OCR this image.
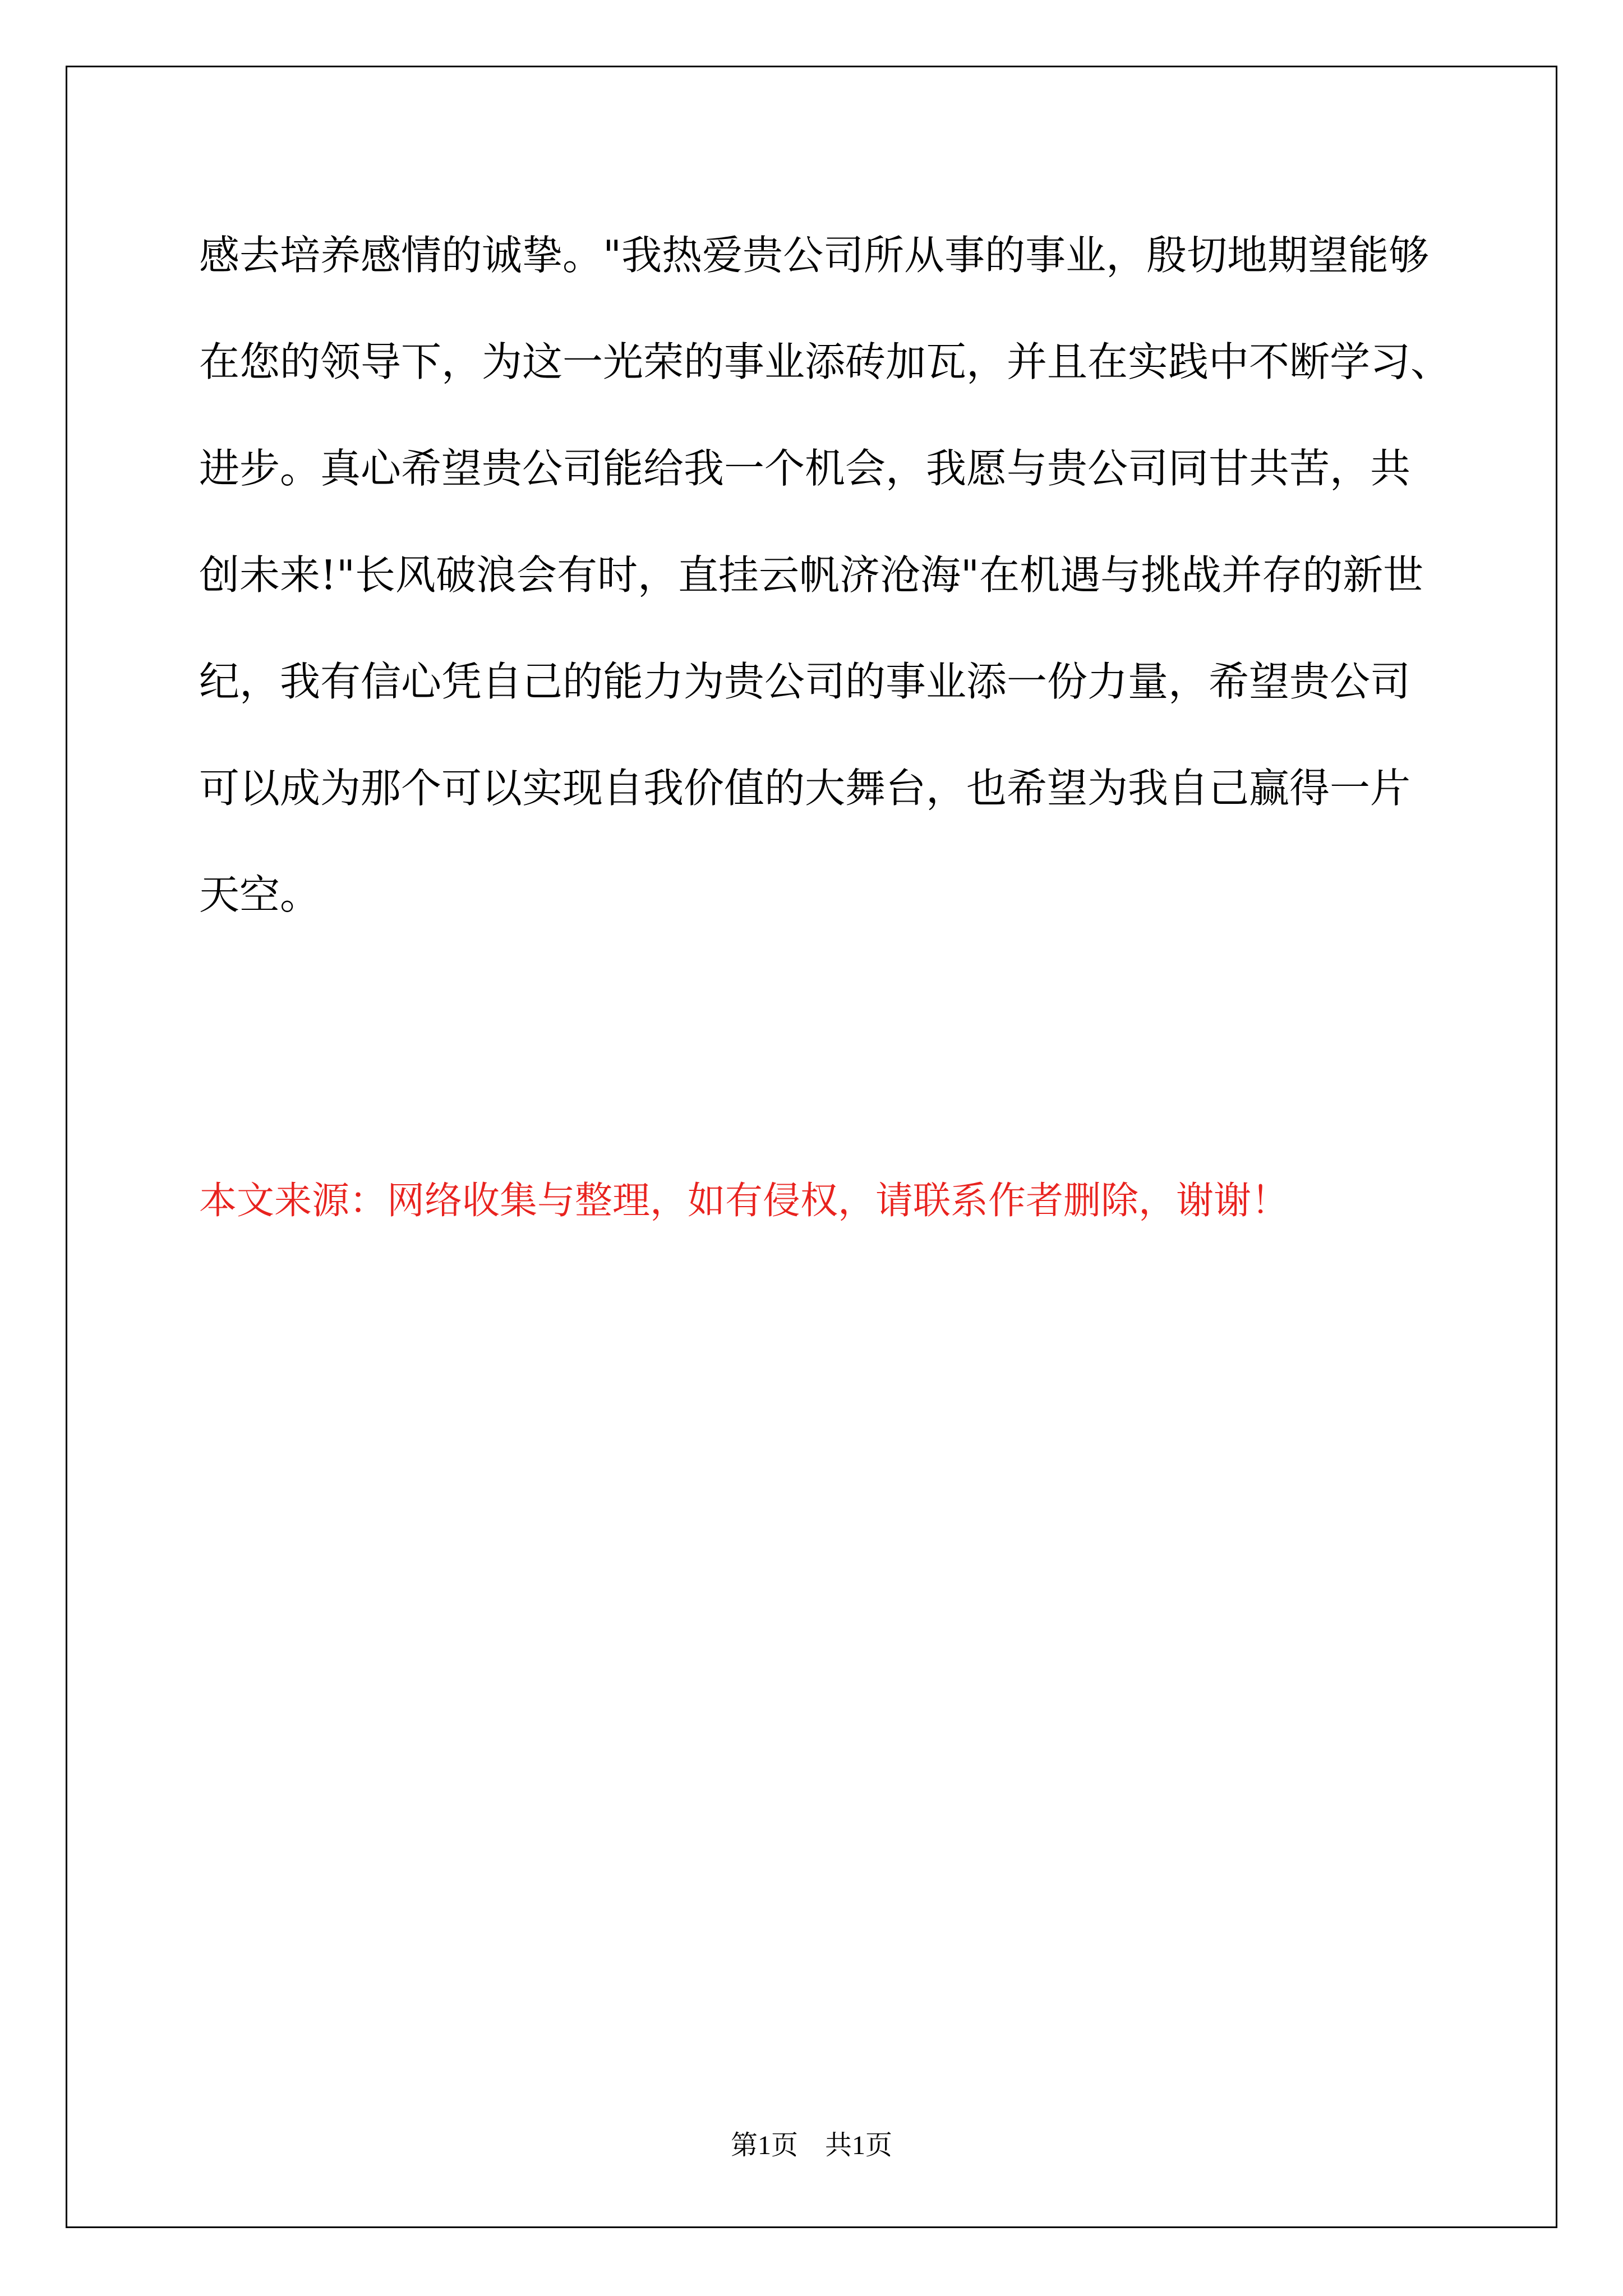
感去培养感情的诚挚。"我热爱贵公司所从事的事业，殷切地期望能够
在您的领导下，为这一光荣的事业添砖加瓦，并且在实践中不断学习、
进步。真心希望贵公司能给我一个机会，我愿与贵公司同甘共苦，共
创未来!"长风破浪会有时，直挂云帆济沧海"在机遇与挑战并存的新世
纪，我有信心凭自己的能力为贵公司的事业添一份力量，希望贵公司
可以成为那个可以实现自我价值的大舞台，也希望为我自己赢得一片
天空。
本文来源：网络收集与整理，如有侵权，请联系作者删除，谢谢！
第1页　共1页
